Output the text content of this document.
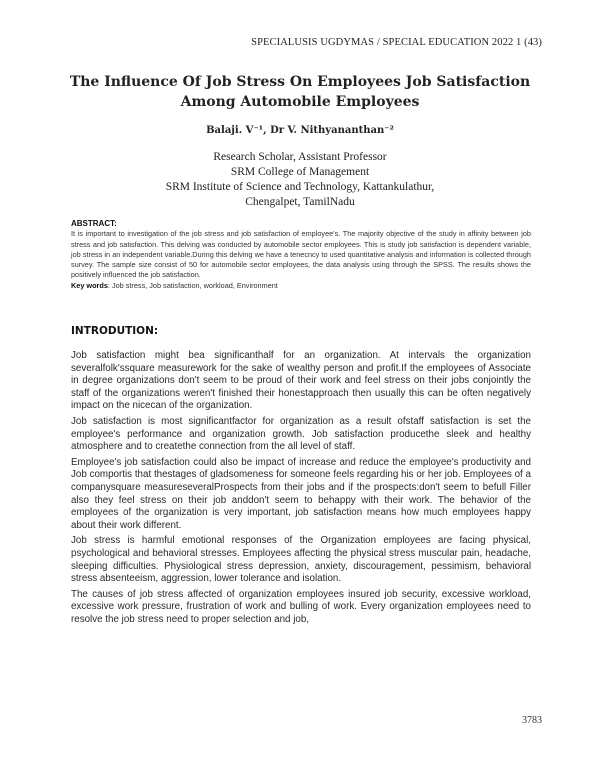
SPECIALUSIS UGDYMAS / SPECIAL EDUCATION 2022 1 (43)
The Influence Of Job Stress On Employees Job Satisfaction
Among Automobile Employees
Balaji. V⁻¹, Dr V. Nithyananthan⁻²
Research Scholar, Assistant Professor
SRM College of Management
SRM Institute of Science and Technology, Kattankulathur,
Chengalpet, TamilNadu
ABSTRACT:
It is important to investigation of the job stress and job satisfaction of employee's. The majority objective of the study in affinity between job stress and job satisfaction. This delving was conducted by automobile sector employees. This is study job satisfaction is dependent variable, job stress in an independent variable.During this delving we have a tenecncy to used quantitative analysis and information is collected through survey. The sample size consist of 50 for automobile sector employees, the data analysis using through the SPSS. The results shows the positively influenced the job satisfaction.
Key words: Job stress, Job satisfaction, workload, Environment
INTRODUTION:

Job satisfaction might bea significanthalf for an organization. At intervals the organization severalfolk'ssquare measurework for the sake of wealthy person and profit.If the employees of Associate in degree organizations don't seem to be proud of their work and feel stress on their jobs conjointly the staff of the organizations weren't finished their honestapproach then usually this can be often negatively impact on the nicecan of the organization.

Job satisfaction is most significantfactor for organization as a result ofstaff satisfaction is set the employee's performance and organization growth. Job satisfaction producethe sleek and healthy atmosphere and to createthe connection from the all level of staff.

Employee's job satisfaction could also be impact of increase and reduce the employee's productivity and Job comportis that thestages of gladsomeness for someone feels regarding his or her job. Employees of a companysquare measureseveralProspects from their jobs and if the prospects:don't seem to befull Filler also they feel stress on their job anddon't seem to behappy with their work. The behavior of the employees of the organization is very important, job satisfaction means how much employees happy about their work different.

Job stress is harmful emotional responses of the Organization employees are facing physical, psychological and behavioral stresses. Employees affecting the physical stress muscular pain, headache, sleeping difficulties. Physiological stress depression, anxiety, discouragement, pessimism, behavioral stress absenteeism, aggression, lower tolerance and isolation.

The causes of job stress affected of organization employees insured job security, excessive workload, excessive work pressure, frustration of work and bulling of work. Every organization employees need to resolve the job stress need to proper selection and job,

3783
